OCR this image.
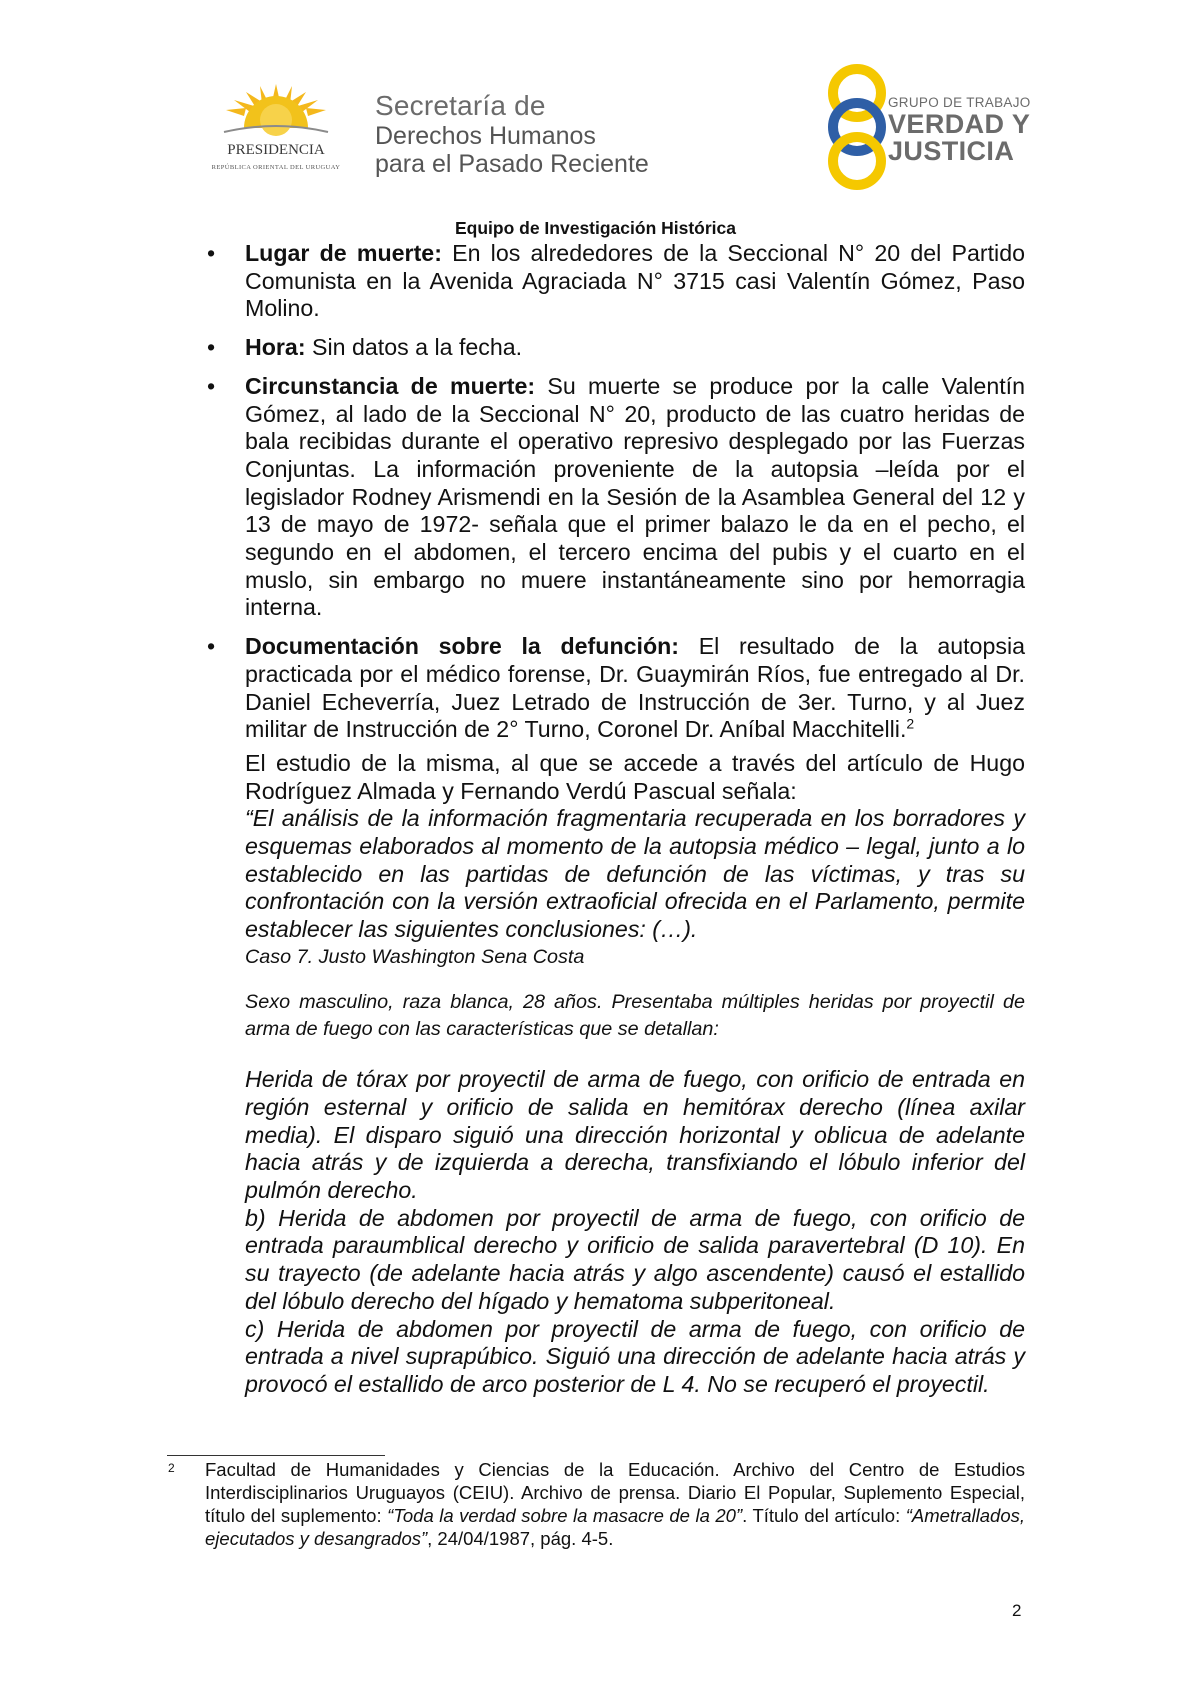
PRESIDENCIA
REPÚBLICA ORIENTAL DEL URUGUAY
Secretaría de
Derechos Humanos
para el Pasado Reciente
GRUPO DE TRABAJO
VERDAD Y
JUSTICIA
Equipo de Investigación Histórica
• Lugar de muerte: En los alrededores de la Seccional N° 20 del Partido Comunista en la Avenida Agraciada N° 3715 casi Valentín Gómez, Paso Molino.
• Hora: Sin datos a la fecha.
• Circunstancia de muerte: Su muerte se produce por la calle Valentín Gómez, al lado de la Seccional N° 20, producto de las cuatro heridas de bala recibidas durante el operativo represivo desplegado por las Fuerzas Conjuntas. La información proveniente de la autopsia –leída por el legislador Rodney Arismendi en la Sesión de la Asamblea General del 12 y 13 de mayo de 1972- señala que el primer balazo le da en el pecho, el segundo en el abdomen, el tercero encima del pubis y el cuarto en el muslo, sin embargo no muere instantáneamente sino por hemorragia interna.
• Documentación sobre la defunción: El resultado de la autopsia practicada por el médico forense, Dr. Guaymirán Ríos, fue entregado al Dr. Daniel Echeverría, Juez Letrado de Instrucción de 3er. Turno, y al Juez militar de Instrucción de 2° Turno, Coronel Dr. Aníbal Macchitelli.$^2$
El estudio de la misma, al que se accede a través del artículo de Hugo Rodríguez Almada y Fernando Verdú Pascual señala:
“El análisis de la información fragmentaria recuperada en los borradores y esquemas elaborados al momento de la autopsia médico – legal, junto a lo establecido en las partidas de defunción de las víctimas, y tras su confrontación con la versión extraoficial ofrecida en el Parlamento, permite establecer las siguientes conclusiones: (…).
Caso 7. Justo Washington Sena Costa
Sexo masculino, raza blanca, 28 años. Presentaba múltiples heridas por proyectil de arma de fuego con las características que se detallan:
Herida de tórax por proyectil de arma de fuego, con orificio de entrada en región esternal y orificio de salida en hemitórax derecho (línea axilar media). El disparo siguió una dirección horizontal y oblicua de adelante hacia atrás y de izquierda a derecha, transfixiando el lóbulo inferior del pulmón derecho.
b) Herida de abdomen por proyectil de arma de fuego, con orificio de entrada paraumblical derecho y orificio de salida paravertebral (D 10). En su trayecto (de adelante hacia atrás y algo ascendente) causó el estallido del lóbulo derecho del hígado y hematoma subperitoneal.
c) Herida de abdomen por proyectil de arma de fuego, con orificio de entrada a nivel suprapúbico. Siguió una dirección de adelante hacia atrás y provocó el estallido de arco posterior de L 4. No se recuperó el proyectil.
2 Facultad de Humanidades y Ciencias de la Educación. Archivo del Centro de Estudios Interdisciplinarios Uruguayos (CEIU). Archivo de prensa. Diario El Popular, Suplemento Especial, título del suplemento: “Toda la verdad sobre la masacre de la 20”. Título del artículo: “Ametrallados, ejecutados y desangrados”, 24/04/1987, pág. 4-5.
2
